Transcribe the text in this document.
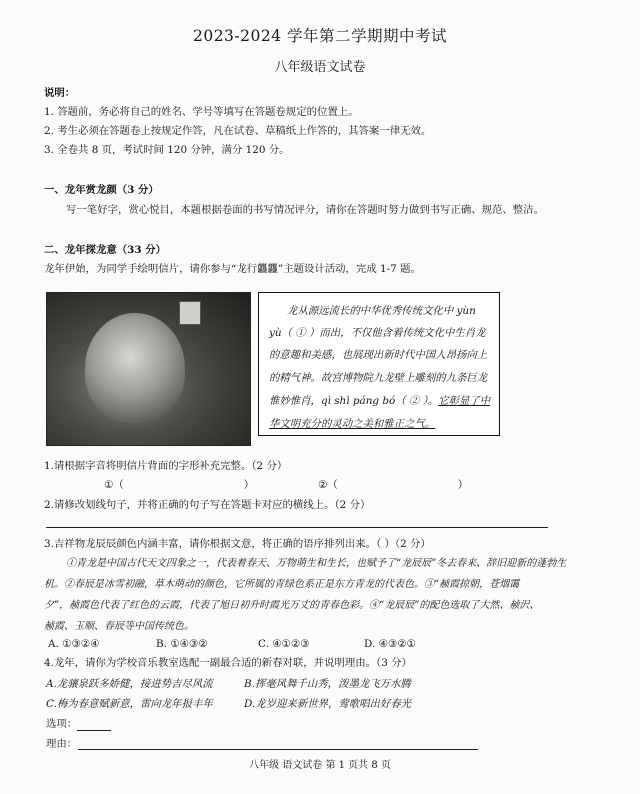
2023-2024 学年第二学期期中考试
八年级语文试卷
说明：
1. 答题前，务必将自己的姓名、学号等填写在答题卷规定的位置上。
2. 考生必须在答题卷上按规定作答，凡在试卷、草稿纸上作答的，其答案一律无效。
3. 全卷共 8 页，考试时间 120 分钟，满分 120 分。
一、龙年赏龙颜（3 分）
写一笔好字，赏心悦目，本题根据卷面的书写情况评分，请你在答题时努力做到书写正确、规范、整洁。
二、龙年探龙意（33 分）
龙年伊始，为同学手绘明信片，请你参与“龙行龘龘”主题设计活动，完成 1-7 题。
龙从源远流长的中华优秀传统文化中 yùn
yù（ ① ）而出，不仅他含着传统文化中生肖龙
的意趣和美感，也展现出新时代中国人昂扬向上
的精气神。故宫博物院九龙壁上雕刻的九条巨龙
惟妙惟肖，qì shì páng bó（ ② ）。它彰显了中
华文明充分的灵动之美和雅正之气。
1.请根据字音将明信片背面的字形补充完整。（2 分）
①（	）	②（	）
2.请修改划线句子，并将正确的句子写在答题卡对应的横线上。（2 分）
3.吉祥物龙辰辰颜色内涵丰富，请你根据文意，将正确的语序排列出来。（ ）（2 分）
①青龙是中国古代天文四象之一，代表着春天、万物萌生和生长，也赋予了“龙辰辰”冬去春来、辞旧迎新的蓬勃生
机。②春辰是冰雪初融，草木萌动的颜色，它所属的青绿色系正是东方青龙的代表色。③“赪霞掠朝，苍烟霭
夕”，赪霞色代表了红色的云霞，代表了旭日初升时霞光万丈的青春色彩。④“龙辰辰”的配色选取了大然、赪沢、
赪霞、玉顺、春辰等中国传统色。
A. ①③②④	B. ①④③②	C. ④①②③	D. ④③②①
4.龙年，请你为学校音乐教室选配一副最合适的新春对联，并说明理由。（3 分）
A.龙骧泉跃多娇健，接进势吉尽风流	B.挥毫风舞千山秀，泼墨龙飞万水腾
C.梅为春意赋新意，雷向龙年报丰年	D.龙岁迎来新世界，莺歌唱出好春光
选项：
理由：
八年级 语文试卷 第 1 页共 8 页
